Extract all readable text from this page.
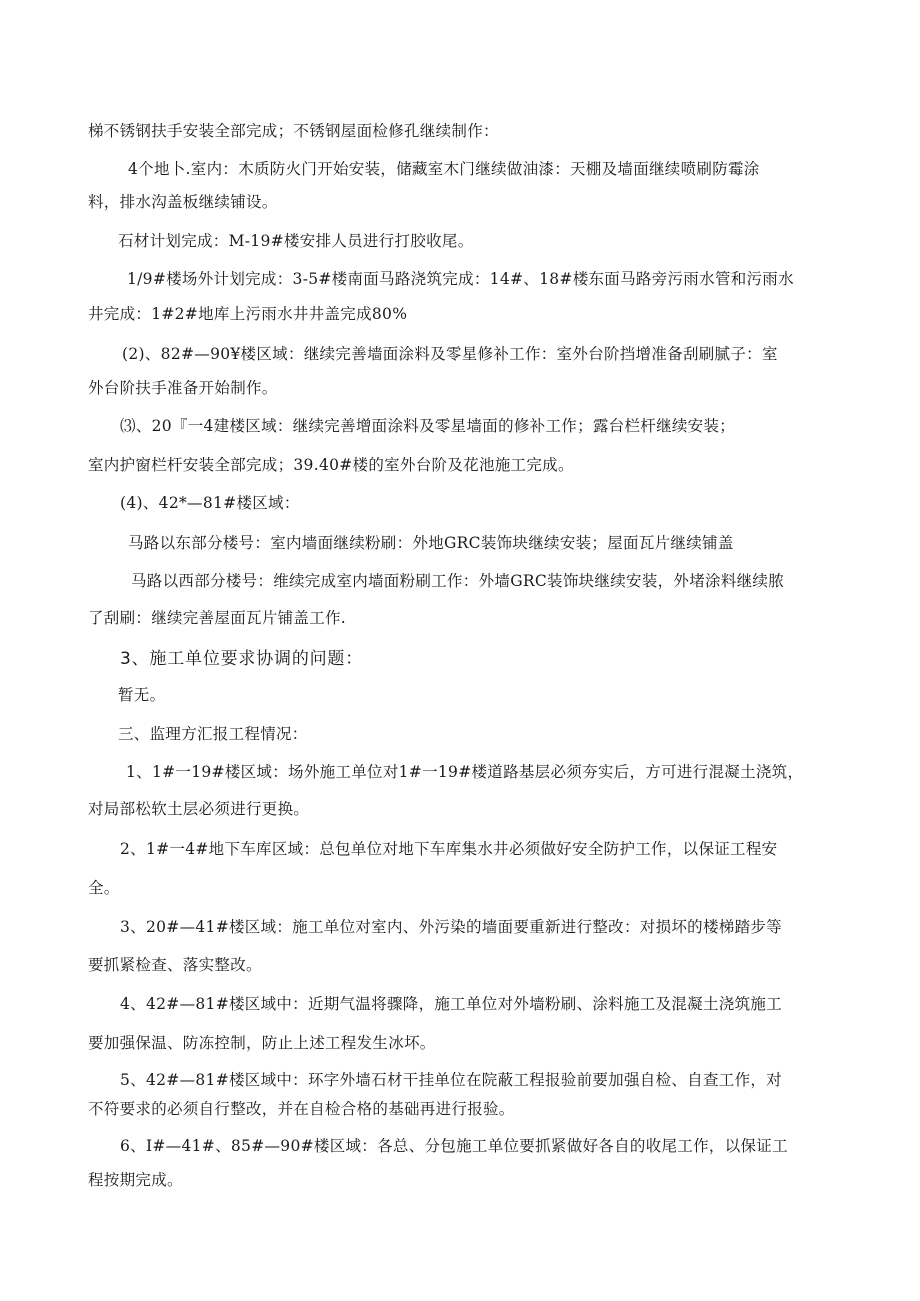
梯不锈钢扶手安装全部完成；不锈钢屋面检修孔继续制作：
4个地卜.室内：木质防火门开始安装，储藏室木门继续做油漆：天棚及墙面继续喷刷防霉涂
料，排水沟盖板继续铺设。
石材计划完成：M-19#楼安排人员进行打胶收尾。
1/9#楼场外计划完成：3-5#楼南面马路浇筑完成：14#、18#楼东面马路旁污雨水管和污雨水
井完成：1#2#地库上污雨水井井盖完成80%
(2)、82#—90¥楼区域：继续完善墙面涂料及零星修补工作：室外台阶挡增准备刮刷腻子：室
外台阶扶手准备开始制作。
⑶、20『一4建楼区域：继续完善增面涂料及零星墙面的修补工作；露台栏杆继续安装；
室内护窗栏杆安装全部完成；39.40#楼的室外台阶及花池施工完成。
(4)、42*—81#楼区域：
马路以东部分楼号：室内墙面继续粉刷：外地GRC装饰块继续安装；屋面瓦片继续铺盖
马路以西部分楼号：维续完成室内墙面粉刷工作：外墙GRC装饰块继续安装，外堵涂料继续脓
了刮刷：继续完善屋面瓦片铺盖工作.
3、施工单位要求协调的问题：
暂无。
三、监理方汇报工程情况：
1、1#一19#楼区域：场外施工单位对1#一19#楼道路基层必须夯实后，方可进行混凝土浇筑，
对局部松软土层必须进行更换。
2、1#一4#地下车库区域：总包单位对地下车库集水井必须做好安全防护工作，以保证工程安
全。
3、20#—41#楼区域：施工单位对室内、外污染的墙面要重新进行整改：对损坏的楼梯踏步等
要抓紧检查、落实整改。
4、42#—81#楼区域中：近期气温将骤降，施工单位对外墙粉刷、涂料施工及混凝土浇筑施工
要加强保温、防冻控制，防止上述工程发生冰坏。
5、42#—81#楼区域中：环字外墙石材干挂单位在院蔽工程报验前要加强自检、自查工作，对
不符要求的必须自行整改，并在自检合格的基础再进行报验。
6、I#—41#、85#—90#楼区域：各总、分包施工单位要抓紧做好各自的收尾工作，以保证工
程按期完成。
